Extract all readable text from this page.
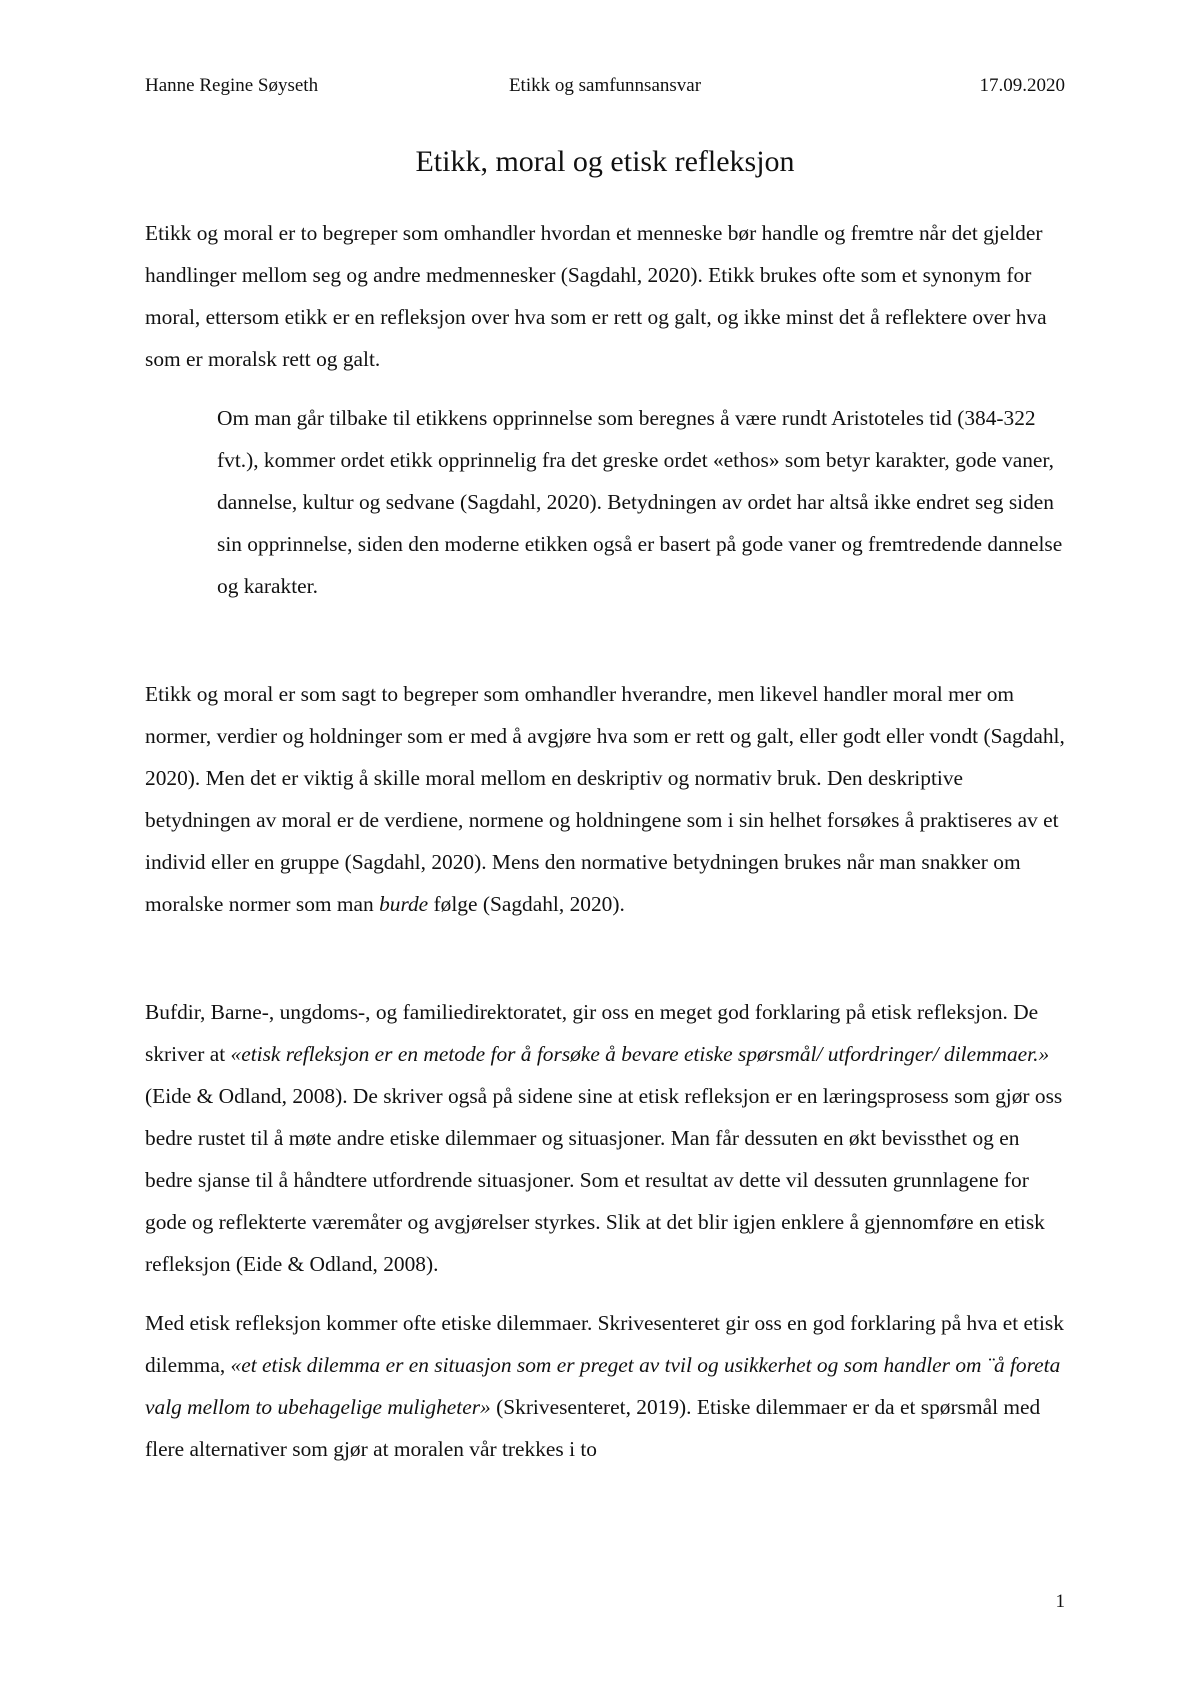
Hanne Regine Søyseth	Etikk og samfunnsansvar	17.09.2020
Etikk, moral og etisk refleksjon

Etikk og moral er to begreper som omhandler hvordan et menneske bør handle og fremtre når det gjelder handlinger mellom seg og andre medmennesker (Sagdahl, 2020). Etikk brukes ofte som et synonym for moral, ettersom etikk er en refleksjon over hva som er rett og galt, og ikke minst det å reflektere over hva som er moralsk rett og galt.

Om man går tilbake til etikkens opprinnelse som beregnes å være rundt Aristoteles tid (384-322 fvt.), kommer ordet etikk opprinnelig fra det greske ordet «ethos» som betyr karakter, gode vaner, dannelse, kultur og sedvane (Sagdahl, 2020). Betydningen av ordet har altså ikke endret seg siden sin opprinnelse, siden den moderne etikken også er basert på gode vaner og fremtredende dannelse og karakter.

Etikk og moral er som sagt to begreper som omhandler hverandre, men likevel handler moral mer om normer, verdier og holdninger som er med å avgjøre hva som er rett og galt, eller godt eller vondt (Sagdahl, 2020). Men det er viktig å skille moral mellom en deskriptiv og normativ bruk. Den deskriptive betydningen av moral er de verdiene, normene og holdningene som i sin helhet forsøkes å praktiseres av et individ eller en gruppe (Sagdahl, 2020). Mens den normative betydningen brukes når man snakker om moralske normer som man burde følge (Sagdahl, 2020).

Bufdir, Barne-, ungdoms-, og familiedirektoratet, gir oss en meget god forklaring på etisk refleksjon. De skriver at «etisk refleksjon er en metode for å forsøke å bevare etiske spørsmål/ utfordringer/ dilemmaer.» (Eide & Odland, 2008). De skriver også på sidene sine at etisk refleksjon er en læringsprosess som gjør oss bedre rustet til å møte andre etiske dilemmaer og situasjoner. Man får dessuten en økt bevissthet og en bedre sjanse til å håndtere utfordrende situasjoner. Som et resultat av dette vil dessuten grunnlagene for gode og reflekterte væremåter og avgjørelser styrkes. Slik at det blir igjen enklere å gjennomføre en etisk refleksjon (Eide & Odland, 2008).

Med etisk refleksjon kommer ofte etiske dilemmaer. Skrivesenteret gir oss en god forklaring på hva et etisk dilemma, «et etisk dilemma er en situasjon som er preget av tvil og usikkerhet og som handler om ¨å foreta valg mellom to ubehagelige muligheter» (Skrivesenteret, 2019). Etiske dilemmaer er da et spørsmål med flere alternativer som gjør at moralen vår trekkes i to

1
